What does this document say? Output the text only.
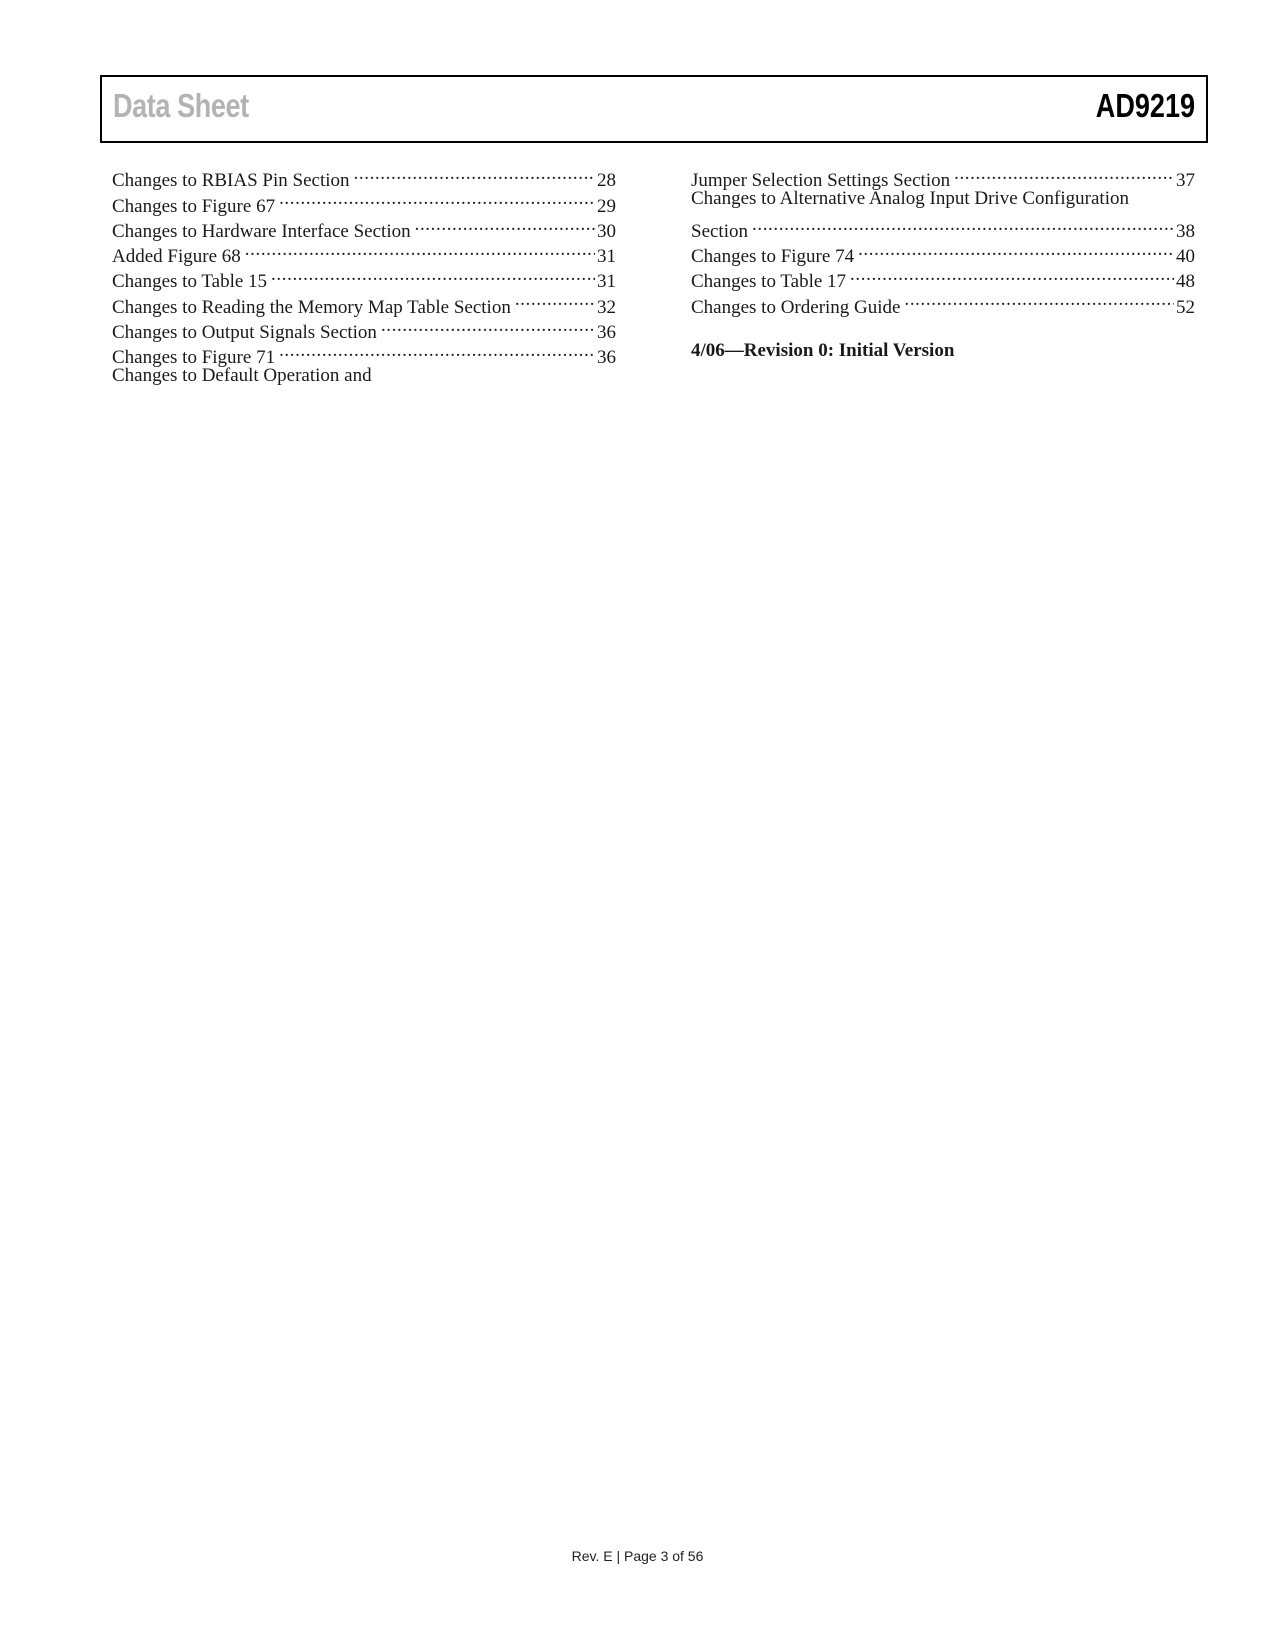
Data Sheet	AD9219
Changes to RBIAS Pin Section .....	28
Changes to Figure 67 .....	29
Changes to Hardware Interface Section .....	30
Added Figure 68 .....	31
Changes to Table 15 .....	31
Changes to Reading the Memory Map Table Section .....	32
Changes to Output Signals Section .....	36
Changes to Figure 71 .....	36
Changes to Default Operation and
Jumper Selection Settings Section .....	37
Changes to Alternative Analog Input Drive Configuration
Section .....	38
Changes to Figure 74 .....	40
Changes to Table 17 .....	48
Changes to Ordering Guide .....	52
4/06—Revision 0: Initial Version
Rev. E | Page 3 of 56
